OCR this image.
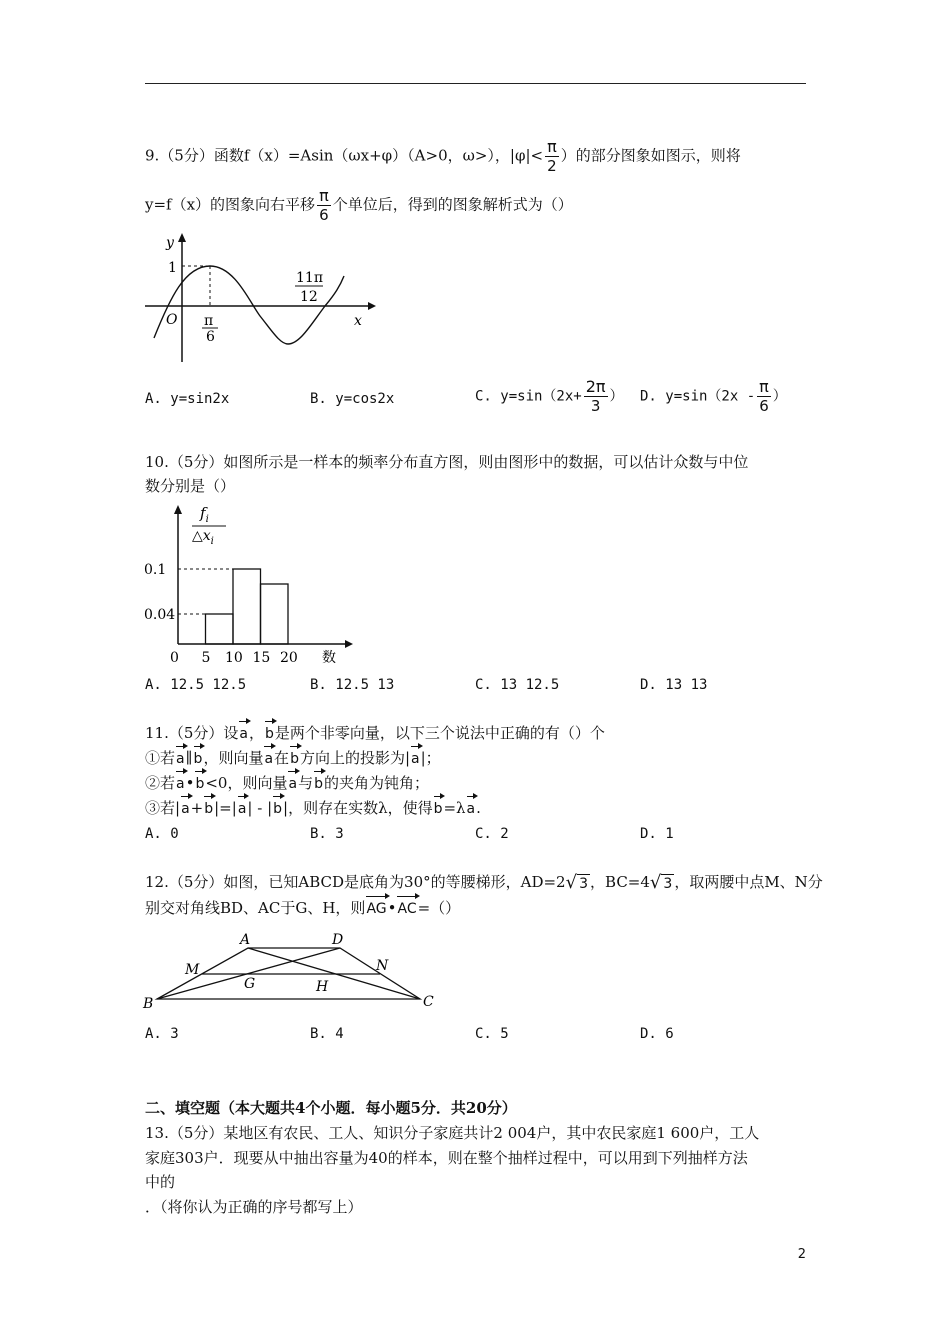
9.（5分）函数f（x）=Asin（ωx+φ）（A>0，ω>），$|\varphi|< \frac{\pi}{2}$ ）的部分图象如图示，则将
y=f（x）的图象向右平移 $\frac{\pi}{6}$ 个单位后，得到的图象解析式为（）
y
x
O
1
π
6
11π
12
A. y=sin2x	B. y=cos2x	C. $y=\sin(2x+ \frac{2\pi}{3}$ ） D. $y=\sin(2x - \frac{\pi}{6}$ ）
10.（5分）如图所示是一样本的频率分布直方图，则由图形中的数据，可以估计众数与中位
数分别是（）
$f_i$
$\triangle x_i$
数
0 5 10 15 20
0.04
0.1
A. 12.5 12.5	B. 12.5 13	C. 13 12.5	D. 13 13
11.（5分）设a，b是两个非零向量，以下三个说法中正确的有（）个
①若a∥b，则向量a在b方向上的投影为|a|；
②若a•b<0，则向量a与b的夹角为钝角；
③若|a+b|=|a| - |b|，则存在实数λ，使得b=λa.
A. 0	B. 3	C. 2	D. 1
12.（5分）如图，已知ABCD是底角为30°的等腰梯形，AD=2 √ 3 ，BC=4 √ 3 ，取两腰中点M、N分
别交对角线BD、AC于G、H，则AG•AC=（）
A	D
M	N
G	H
B	C
A. 3	B. 4	C. 5	D. 6
二、填空题（本大题共4个小题．每小题5分．共20分）
13.（5分）某地区有农民、工人、知识分子家庭共计2 004户，其中农民家庭1 600户，工人
家庭303户．现要从中抽出容量为40的样本，则在整个抽样过程中，可以用到下列抽样方法
中的
．（将你认为正确的序号都写上）
2
